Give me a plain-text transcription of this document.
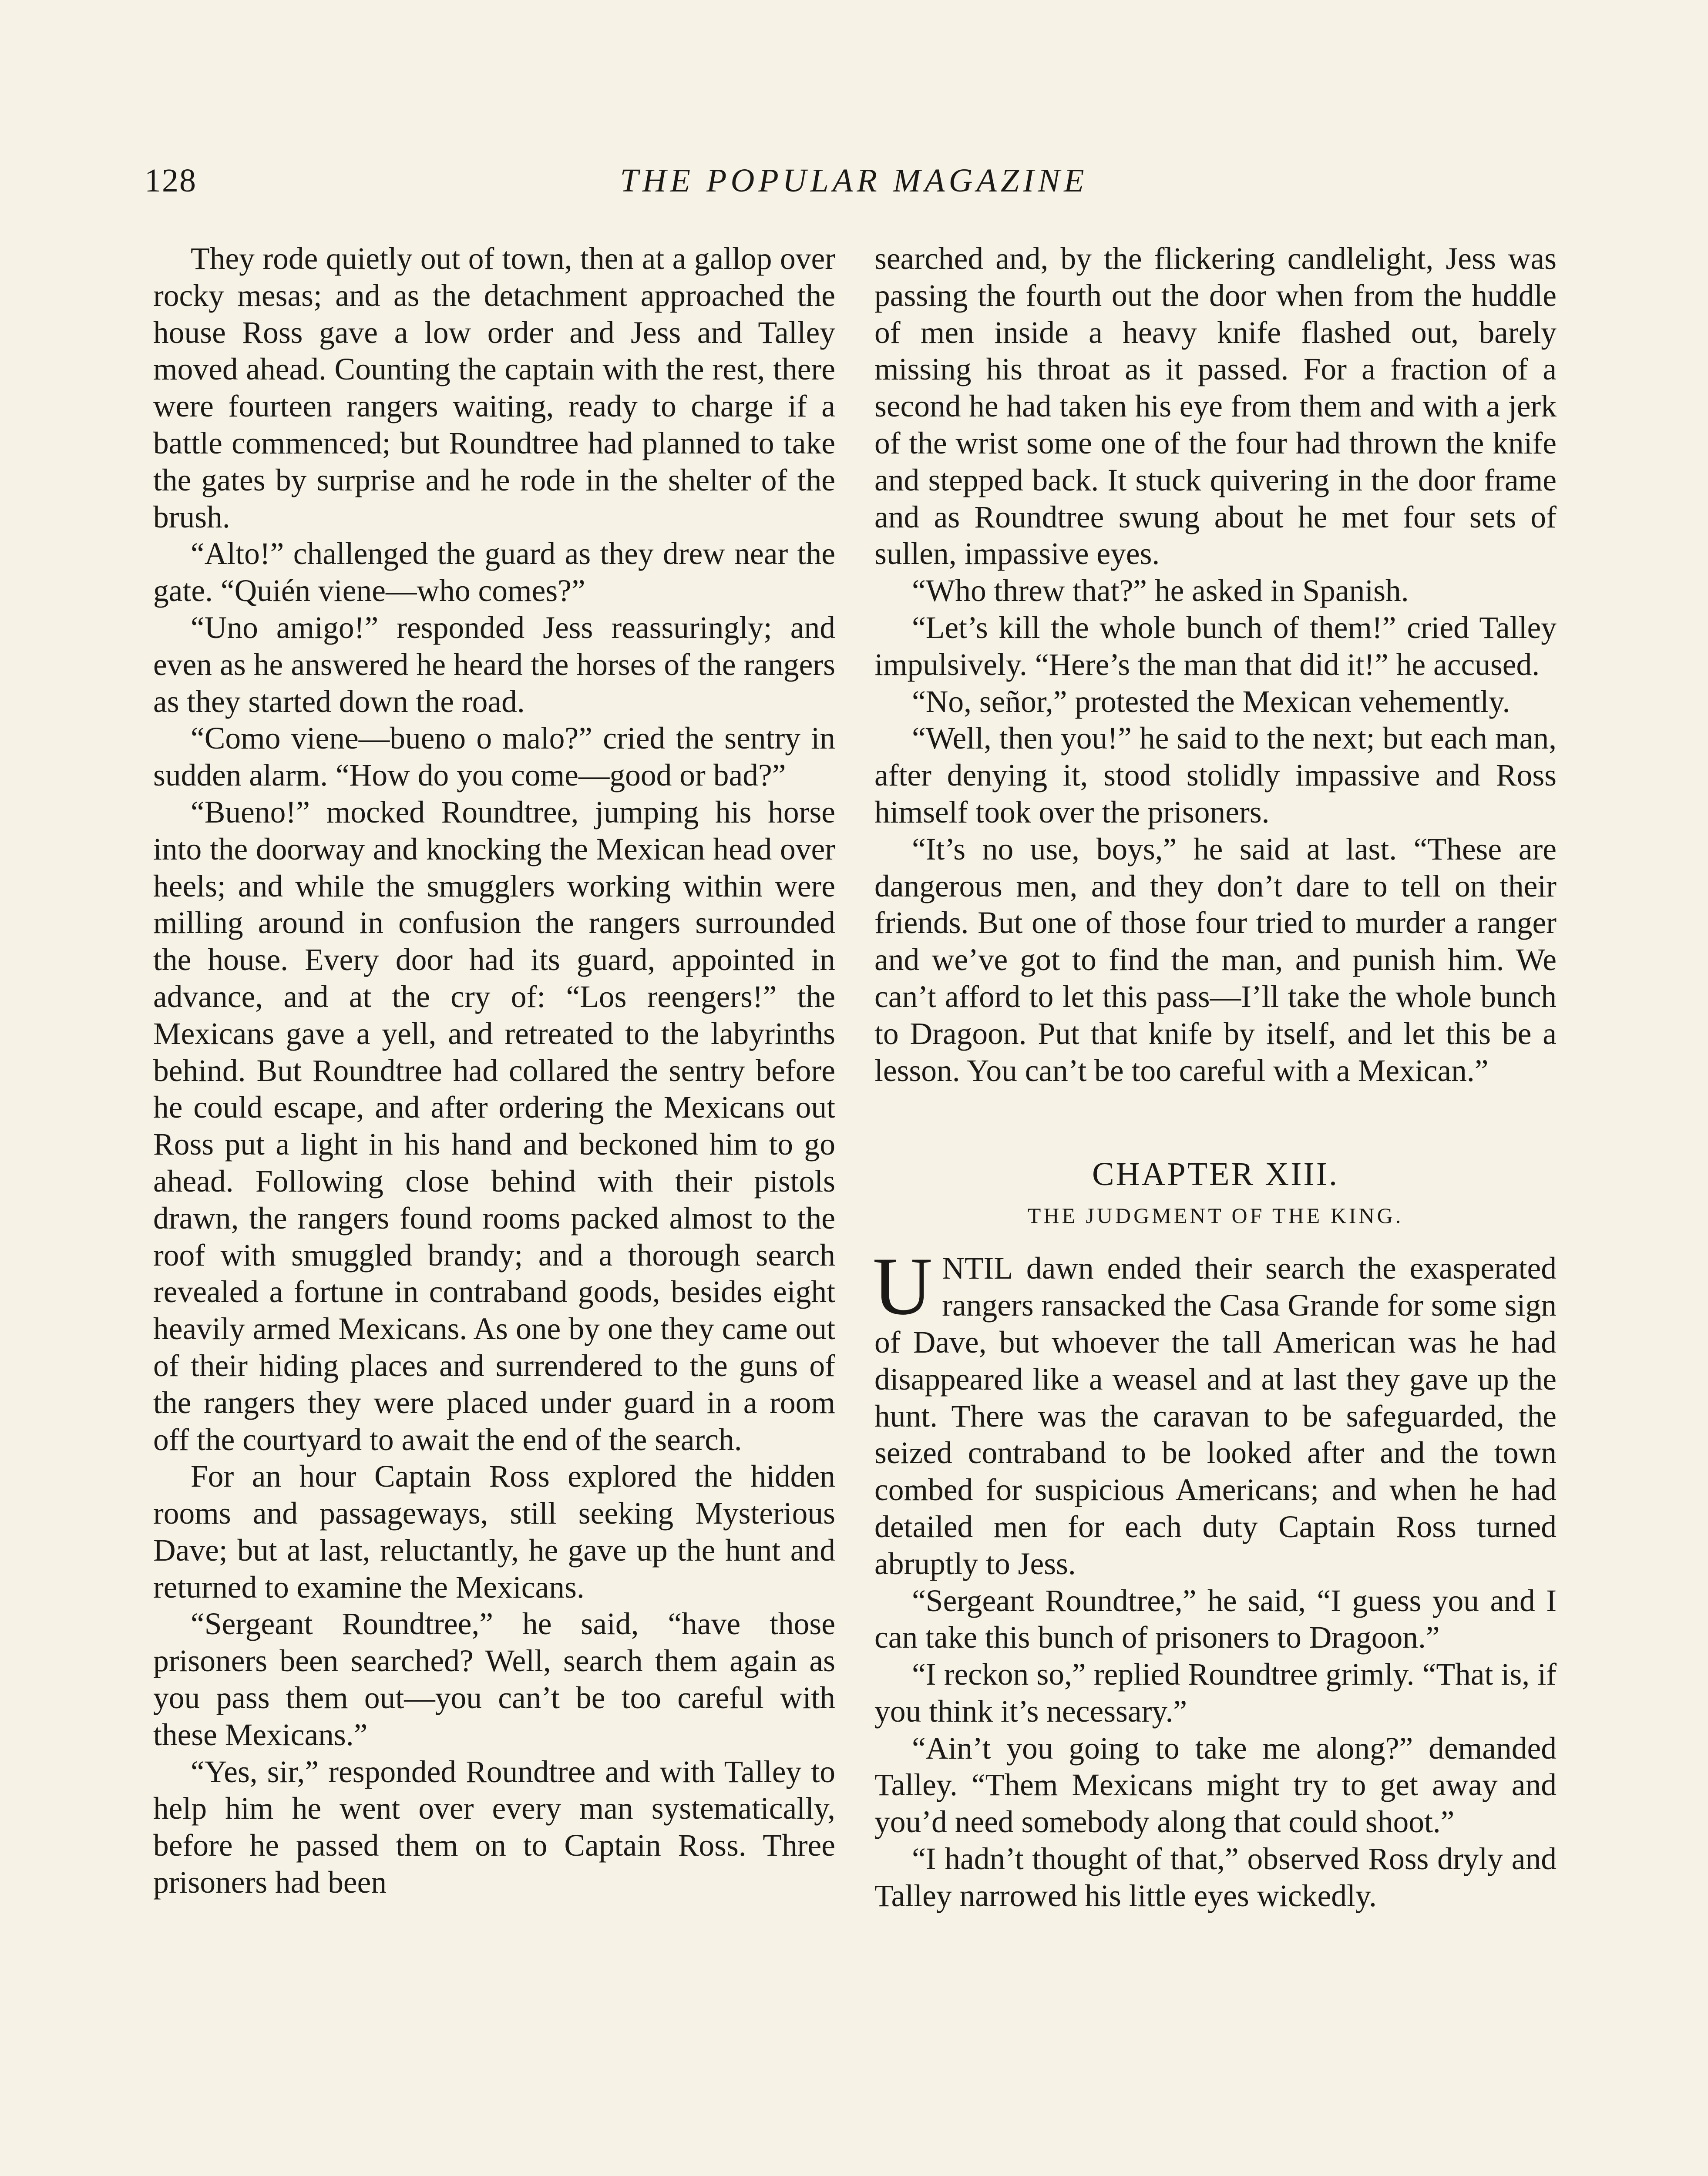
128	THE POPULAR MAGAZINE

They rode quietly out of town, then at a gallop over rocky mesas; and as the detachment approached the house Ross gave a low order and Jess and Talley moved ahead. Counting the captain with the rest, there were fourteen rangers waiting, ready to charge if a battle commenced; but Roundtree had planned to take the gates by surprise and he rode in the shelter of the brush.

“Alto!” challenged the guard as they drew near the gate. “Quién viene—who comes?”

“Uno amigo!” responded Jess reassuringly; and even as he answered he heard the horses of the rangers as they started down the road.

“Como viene—bueno o malo?” cried the sentry in sudden alarm. “How do you come—good or bad?”

“Bueno!” mocked Roundtree, jumping his horse into the doorway and knocking the Mexican head over heels; and while the smugglers working within were milling around in confusion the rangers surrounded the house. Every door had its guard, appointed in advance, and at the cry of: “Los reengers!” the Mexicans gave a yell, and retreated to the labyrinths behind. But Roundtree had collared the sentry before he could escape, and after ordering the Mexicans out Ross put a light in his hand and beckoned him to go ahead. Following close behind with their pistols drawn, the rangers found rooms packed almost to the roof with smuggled brandy; and a thorough search revealed a fortune in contraband goods, besides eight heavily armed Mexicans. As one by one they came out of their hiding places and surrendered to the guns of the rangers they were placed under guard in a room off the courtyard to await the end of the search.

For an hour Captain Ross explored the hidden rooms and passageways, still seeking Mysterious Dave; but at last, reluctantly, he gave up the hunt and returned to examine the Mexicans.

“Sergeant Roundtree,” he said, “have those prisoners been searched? Well, search them again as you pass them out—you can’t be too careful with these Mexicans.”

“Yes, sir,” responded Roundtree and with Talley to help him he went over every man systematically, before he passed them on to Captain Ross. Three prisoners had been

searched and, by the flickering candlelight, Jess was passing the fourth out the door when from the huddle of men inside a heavy knife flashed out, barely missing his throat as it passed. For a fraction of a second he had taken his eye from them and with a jerk of the wrist some one of the four had thrown the knife and stepped back. It stuck quivering in the door frame and as Roundtree swung about he met four sets of sullen, impassive eyes.

“Who threw that?” he asked in Spanish.

“Let’s kill the whole bunch of them!” cried Talley impulsively. “Here’s the man that did it!” he accused.

“No, señor,” protested the Mexican vehemently.

“Well, then you!” he said to the next; but each man, after denying it, stood stolidly impassive and Ross himself took over the prisoners.

“It’s no use, boys,” he said at last. “These are dangerous men, and they don’t dare to tell on their friends. But one of those four tried to murder a ranger and we’ve got to find the man, and punish him. We can’t afford to let this pass—I’ll take the whole bunch to Dragoon. Put that knife by itself, and let this be a lesson. You can’t be too careful with a Mexican.”

CHAPTER XIII.
THE JUDGMENT OF THE KING.

UNTIL dawn ended their search the exasperated rangers ransacked the Casa Grande for some sign of Dave, but whoever the tall American was he had disappeared like a weasel and at last they gave up the hunt. There was the caravan to be safeguarded, the seized contraband to be looked after and the town combed for suspicious Americans; and when he had detailed men for each duty Captain Ross turned abruptly to Jess.

“Sergeant Roundtree,” he said, “I guess you and I can take this bunch of prisoners to Dragoon.”

“I reckon so,” replied Roundtree grimly. “That is, if you think it’s necessary.”

“Ain’t you going to take me along?” demanded Talley. “Them Mexicans might try to get away and you’d need somebody along that could shoot.”

“I hadn’t thought of that,” observed Ross dryly and Talley narrowed his little eyes wickedly.
